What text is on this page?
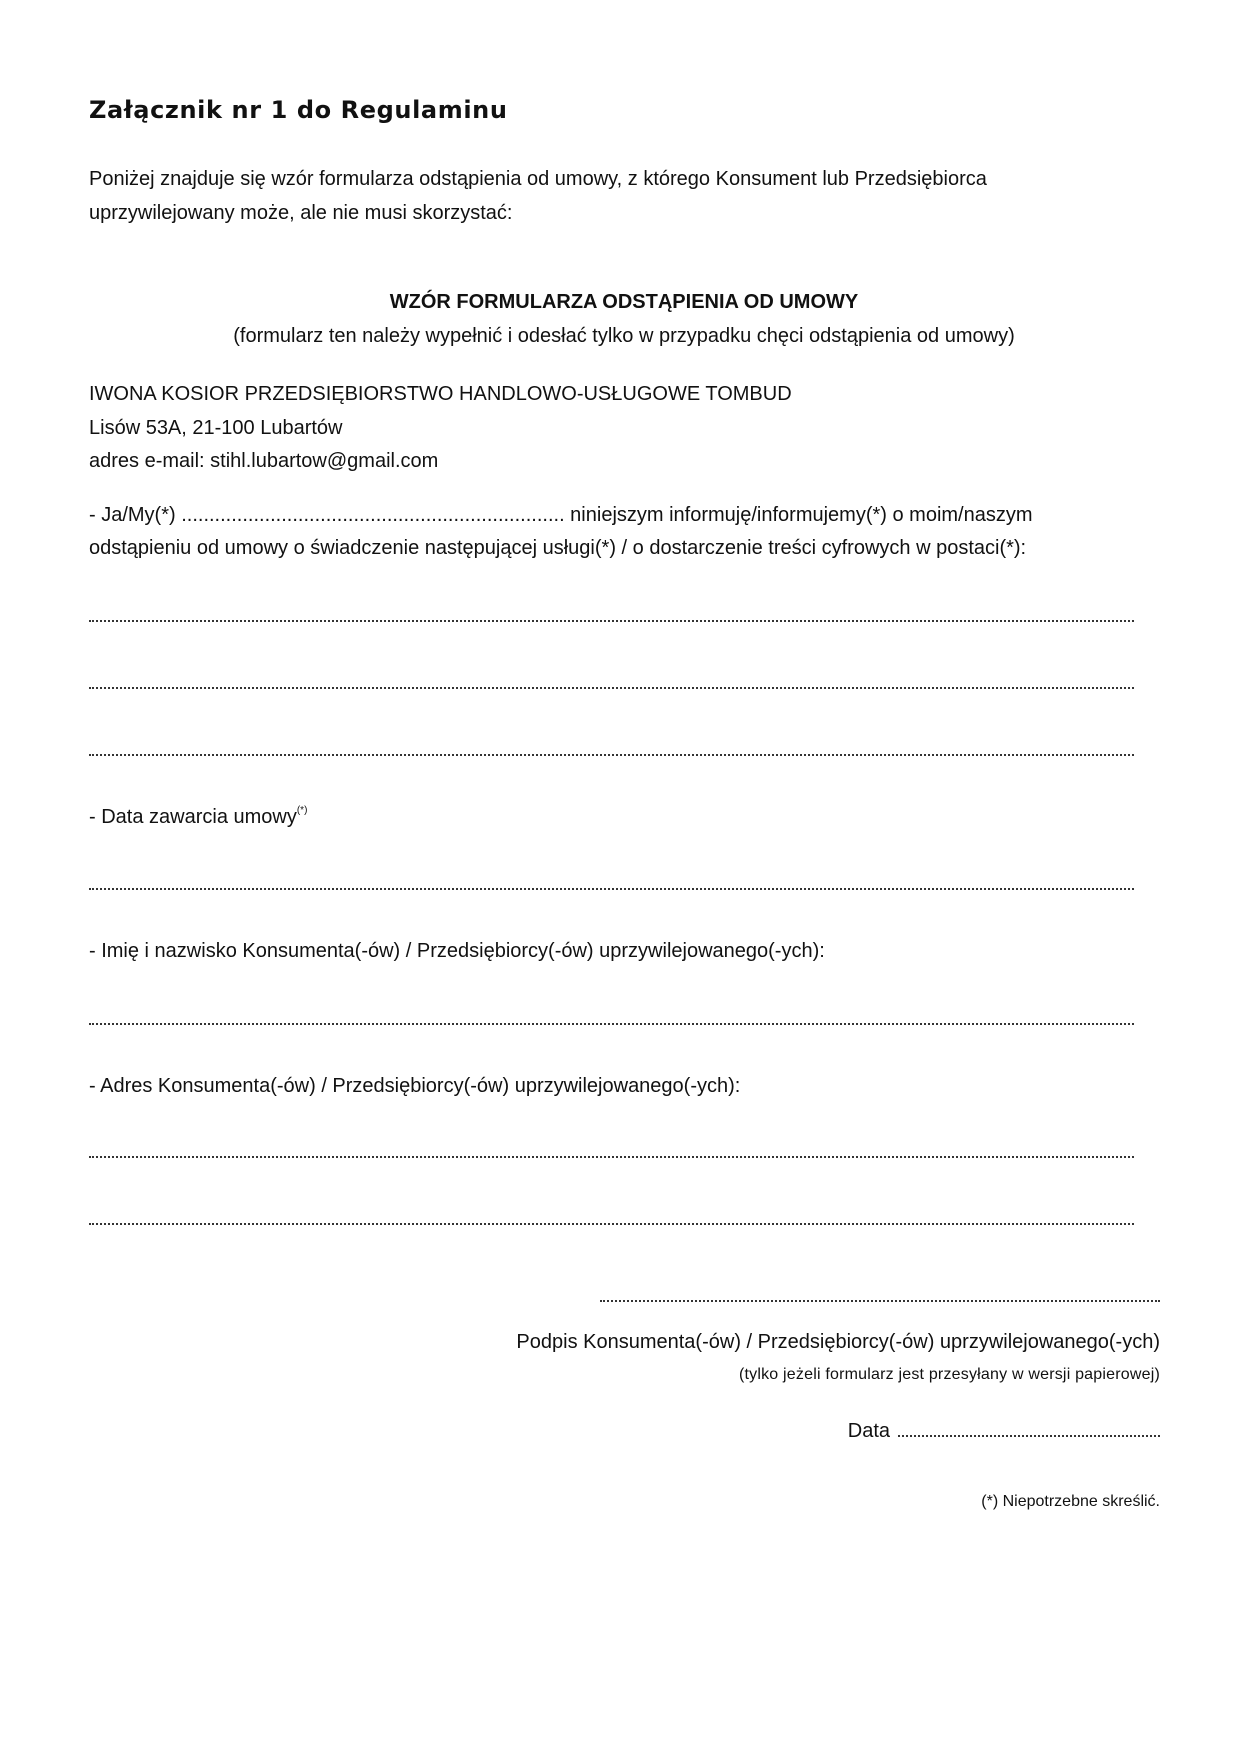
Załącznik nr 1 do Regulaminu
Poniżej znajduje się wzór formularza odstąpienia od umowy, z którego Konsument lub Przedsiębiorca
uprzywilejowany może, ale nie musi skorzystać:
WZÓR FORMULARZA ODSTĄPIENIA OD UMOWY
(formularz ten należy wypełnić i odesłać tylko w przypadku chęci odstąpienia od umowy)
IWONA KOSIOR PRZEDSIĘBIORSTWO HANDLOWO-USŁUGOWE TOMBUD
Lisów 53A, 21-100 Lubartów
adres e-mail: stihl.lubartow@gmail.com
- Ja/My(*) ..................................................................... niniejszym informuję/informujemy(*) o moim/naszym
odstąpieniu od umowy o świadczenie następującej usługi(*) / o dostarczenie treści cyfrowych w postaci(*):
- Data zawarcia umowy(*)
- Imię i nazwisko Konsumenta(-ów) / Przedsiębiorcy(-ów) uprzywilejowanego(-ych):
- Adres Konsumenta(-ów) / Przedsiębiorcy(-ów) uprzywilejowanego(-ych):
Podpis Konsumenta(-ów) / Przedsiębiorcy(-ów) uprzywilejowanego(-ych)
(tylko jeżeli formularz jest przesyłany w wersji papierowej)
Data
(*) Niepotrzebne skreślić.
